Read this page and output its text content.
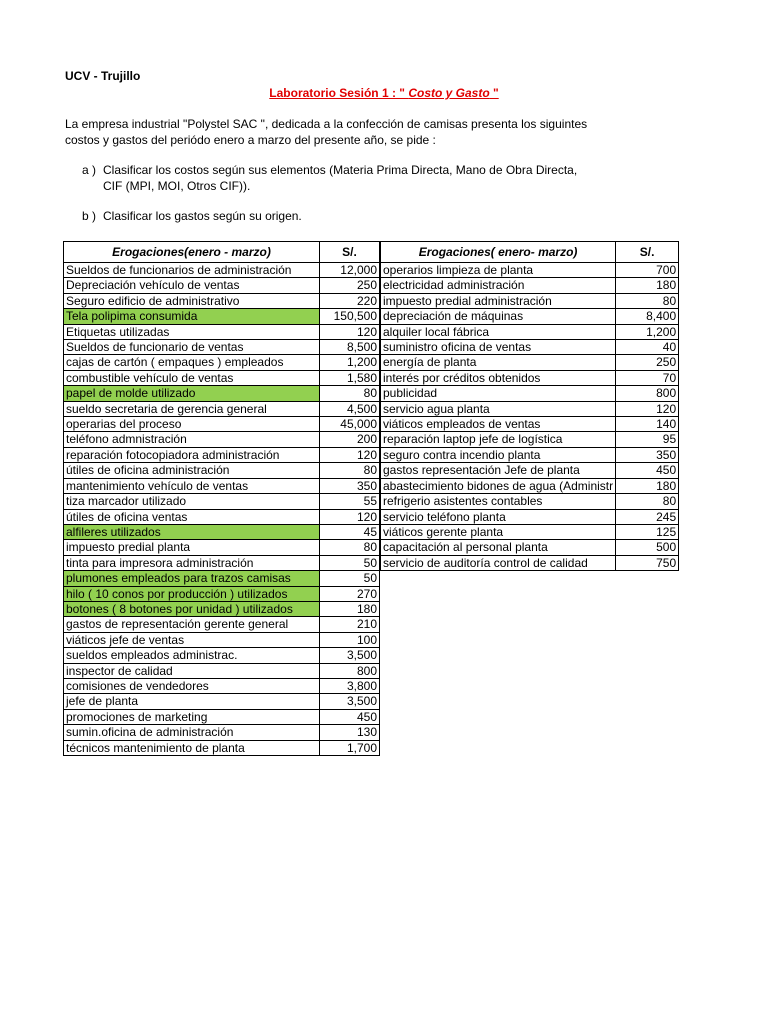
UCV - Trujillo
Laboratorio Sesión 1 : " Costo y Gasto "
La empresa industrial "Polystel SAC ", dedicada a la confección de camisas presenta los siguintes costos y gastos del periódo enero a marzo del presente año, se pide :
a ) Clasificar los costos según sus elementos (Materia Prima Directa, Mano de Obra Directa, CIF (MPI, MOI, Otros CIF)).
b ) Clasificar los gastos según su origen.
Erogaciones(enero - marzo)	S/.
Sueldos de funcionarios de administración	12,000
Depreciación vehículo de ventas	250
Seguro edificio de administrativo	220
Tela polipima consumida	150,500
Etiquetas utilizadas	120
Sueldos de funcionario de ventas	8,500
cajas de cartón ( empaques ) empleados	1,200
combustible vehículo de ventas	1,580
papel de molde utilizado	80
sueldo secretaria de gerencia general	4,500
operarias del proceso	45,000
teléfono admnistración	200
reparación fotocopiadora administración	120
útiles de oficina administración	80
mantenimiento vehículo de ventas	350
tiza marcador utilizado	55
útiles de oficina ventas	120
alfileres utilizados	45
impuesto predial planta	80
tinta para impresora administración	50
plumones empleados para trazos camisas	50
hilo ( 10 conos por producción ) utilizados	270
botones ( 8 botones por unidad ) utilizados	180
gastos de representación gerente general	210
viáticos jefe de ventas	100
sueldos empleados administrac.	3,500
inspector de calidad	800
comisiones de vendedores	3,800
jefe de planta	3,500
promociones de marketing	450
sumin.oficina de administración	130
técnicos mantenimiento de planta	1,700
Erogaciones( enero- marzo)	S/.
operarios limpieza de planta	700
electricidad administración	180
impuesto predial administración	80
depreciación de máquinas	8,400
alquiler local fábrica	1,200
suministro oficina de ventas	40
energía de planta	250
interés por créditos obtenidos	70
publicidad	800
servicio agua planta	120
viáticos empleados de ventas	140
reparación laptop jefe de logística	95
seguro contra incendio planta	350
gastos representación Jefe de planta	450
abastecimiento bidones de agua (Administr	180
refrigerio asistentes contables	80
servicio teléfono planta	245
viáticos gerente planta	125
capacitación al personal planta	500
servicio de auditoría control de calidad	750
